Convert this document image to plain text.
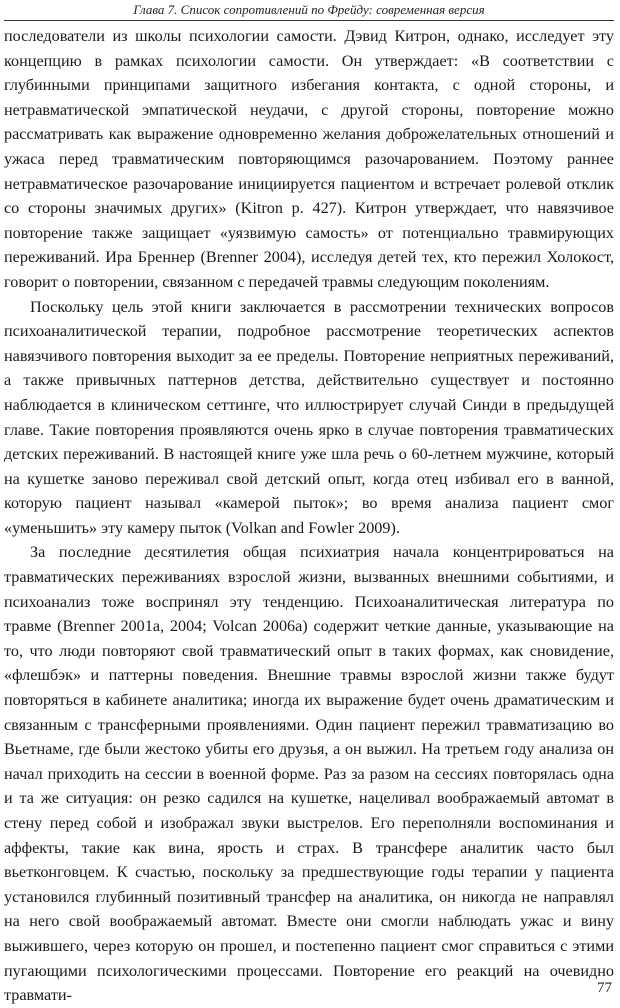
Глава 7. Список сопротивлений по Фрейду: современная версия

последователи из школы психологии самости. Дэвид Китрон, однако, исследует эту концепцию в рамках психологии самости. Он утверждает: «В соответствии с глубинными принципами защитного избегания контакта, с одной стороны, и нетравматической эмпатической неудачи, с другой стороны, повторение можно рассматривать как выражение одновременно желания доброжелательных отношений и ужаса перед травматическим повторяющимся разочарованием. Поэтому раннее нетравматическое разочарование инициируется пациентом и встречает ролевой отклик со стороны значимых других» (Kitron p. 427). Китрон утверждает, что навязчивое повторение также защищает «уязвимую самость» от потенциально травмирующих переживаний. Ира Бреннер (Brenner 2004), исследуя детей тех, кто пережил Холокост, говорит о повторении, связанном с передачей травмы следующим поколениям.

Поскольку цель этой книги заключается в рассмотрении технических вопросов психоаналитической терапии, подробное рассмотрение теоретических аспектов навязчивого повторения выходит за ее пределы. Повторение неприятных переживаний, а также привычных паттернов детства, действительно существует и постоянно наблюдается в клиническом сеттинге, что иллюстрирует случай Синди в предыдущей главе. Такие повторения проявляются очень ярко в случае повторения травматических детских переживаний. В настоящей книге уже шла речь о 60-летнем мужчине, который на кушетке заново переживал свой детский опыт, когда отец избивал его в ванной, которую пациент называл «камерой пыток»; во время анализа пациент смог «уменьшить» эту камеру пыток (Volkan and Fowler 2009).

За последние десятилетия общая психиатрия начала концентрироваться на травматических переживаниях взрослой жизни, вызванных внешними событиями, и психоанализ тоже воспринял эту тенденцию. Психоаналитическая литература по травме (Brenner 2001a, 2004; Volcan 2006a) содержит четкие данные, указывающие на то, что люди повторяют свой травматический опыт в таких формах, как сновидение, «флешбэк» и паттерны поведения. Внешние травмы взрослой жизни также будут повторяться в кабинете аналитика; иногда их выражение будет очень драматическим и связанным с трансферными проявлениями. Один пациент пережил травматизацию во Вьетнаме, где были жестоко убиты его друзья, а он выжил. На третьем году анализа он начал приходить на сессии в военной форме. Раз за разом на сессиях повторялась одна и та же ситуация: он резко садился на кушетке, нацеливал воображаемый автомат в стену перед собой и изображал звуки выстрелов. Его переполняли воспоминания и аффекты, такие как вина, ярость и страх. В трансфере аналитик часто был вьетконговцем. К счастью, поскольку за предшествующие годы терапии у пациента установился глубинный позитивный трансфер на аналитика, он никогда не направлял на него свой воображаемый автомат. Вместе они смогли наблюдать ужас и вину выжившего, через которую он прошел, и постепенно пациент смог справиться с этими пугающими психологическими процессами. Повторение его реакций на очевидно травмати-	77
